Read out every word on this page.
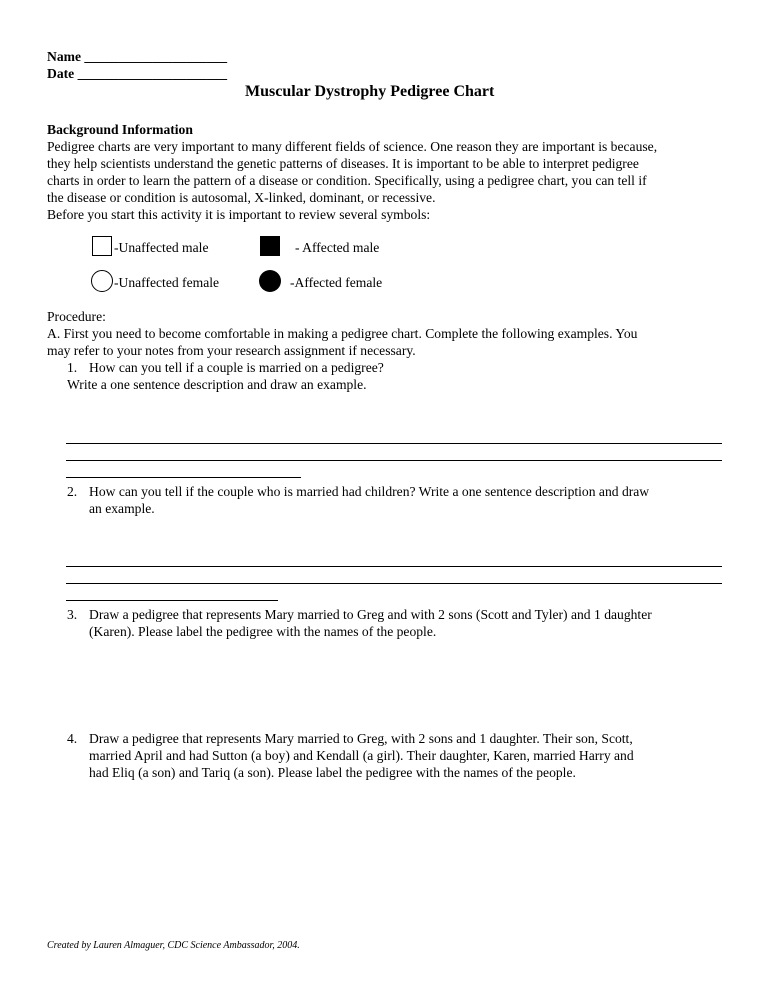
Name _____________________
Date ______________________
Muscular Dystrophy Pedigree Chart
Background Information
Pedigree charts are very important to many different fields of science. One reason they are important is because,
they help scientists understand the genetic patterns of diseases. It is important to be able to interpret pedigree
charts in order to learn the pattern of a disease or condition. Specifically, using a pedigree chart, you can tell if
the disease or condition is autosomal, X-linked, dominant, or recessive.
Before you start this activity it is important to review several symbols:
-Unaffected male	- Affected male
-Unaffected female	-Affected female
Procedure:
A. First you need to become comfortable in making a pedigree chart. Complete the following examples. You
may refer to your notes from your research assignment if necessary.
1. How can you tell if a couple is married on a pedigree?
Write a one sentence description and draw an example.
2. How can you tell if the couple who is married had children? Write a one sentence description and draw
an example.
3. Draw a pedigree that represents Mary married to Greg and with 2 sons (Scott and Tyler) and 1 daughter
(Karen). Please label the pedigree with the names of the people.
4. Draw a pedigree that represents Mary married to Greg, with 2 sons and 1 daughter. Their son, Scott,
married April and had Sutton (a boy) and Kendall (a girl). Their daughter, Karen, married Harry and
had Eliq (a son) and Tariq (a son). Please label the pedigree with the names of the people.
Created by Lauren Almaguer, CDC Science Ambassador, 2004.
